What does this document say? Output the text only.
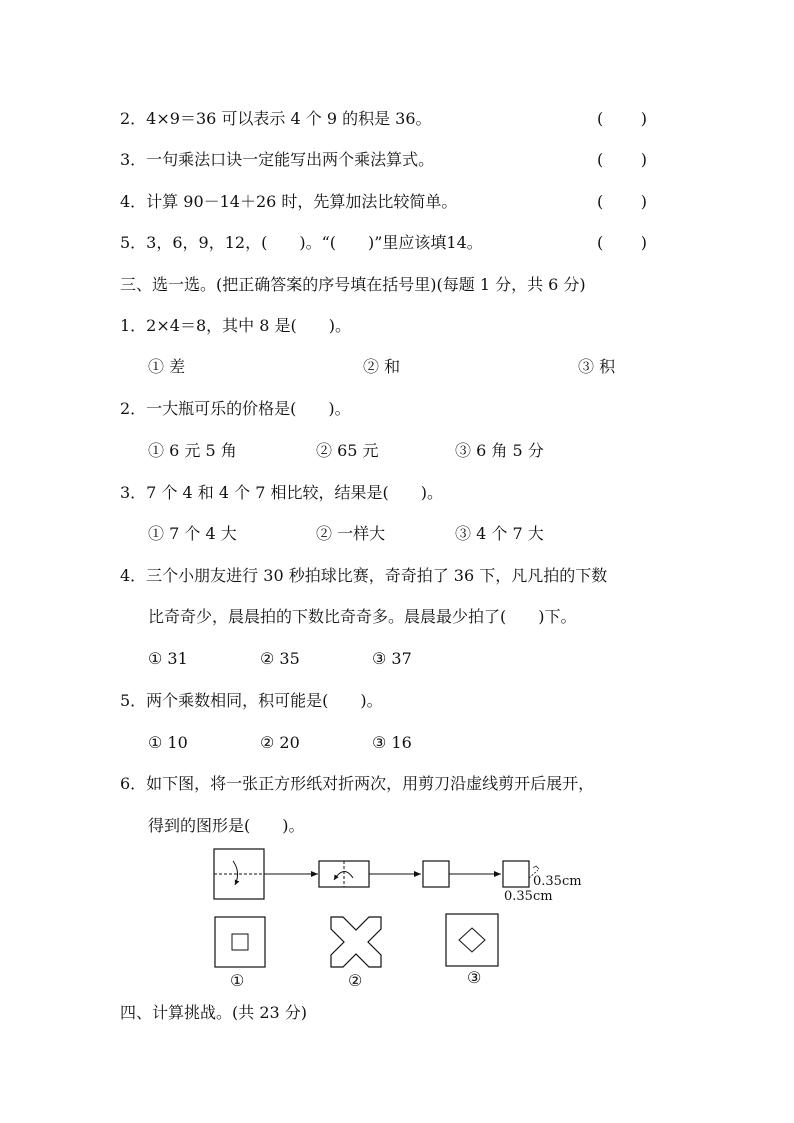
2．4×9＝36 可以表示 4 个 9 的积是 36。	( )
3．一句乘法口诀一定能写出两个乘法算式。	( )
4．计算 90－14＋26 时，先算加法比较简单。	( )
5．3，6，9，12，(　　)。“(　　)”里应该填14。	( )
三、选一选。(把正确答案的序号填在括号里)(每题 1 分，共 6 分)
1．2×4＝8，其中 8 是(　　)。
① 差	② 和	③ 积
2．一大瓶可乐的价格是(　　)。
① 6 元 5 角	② 65 元	③ 6 角 5 分
3．7 个 4 和 4 个 7 相比较，结果是(　　)。
① 7 个 4 大	② 一样大	③ 4 个 7 大
4．三个小朋友进行 30 秒拍球比赛，奇奇拍了 36 下，凡凡拍的下数
比奇奇少，晨晨拍的下数比奇奇多。晨晨最少拍了(　　)下。
① 31	② 35	③ 37
5．两个乘数相同，积可能是(　　)。
① 10	② 20	③ 16
6．如下图，将一张正方形纸对折两次，用剪刀沿虚线剪开后展开，
得到的图形是(　　)。
0.35cm
0.35cm
①	②	③
四、计算挑战。(共 23 分)
